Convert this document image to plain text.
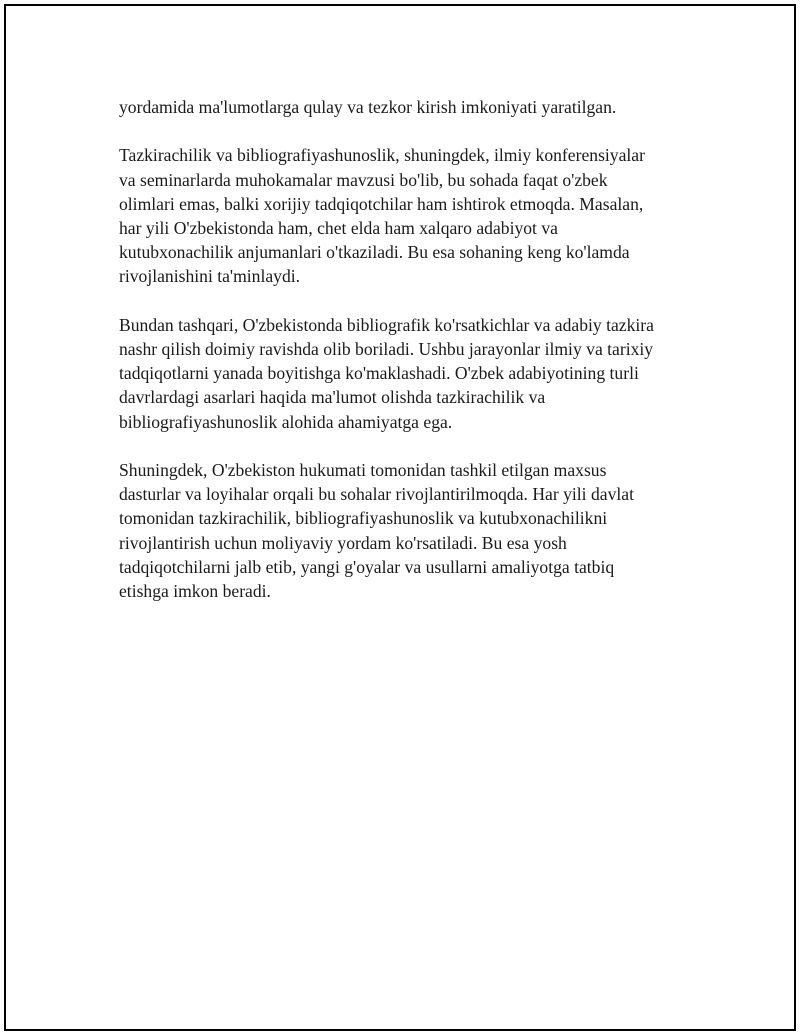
yordamida ma'lumotlarga qulay va tezkor kirish imkoniyati yaratilgan.

Tazkirachilik va bibliografiyashunoslik, shuningdek, ilmiy konferensiyalar
va seminarlarda muhokamalar mavzusi bo'lib, bu sohada faqat o'zbek
olimlari emas, balki xorijiy tadqiqotchilar ham ishtirok etmoqda. Masalan,
har yili O'zbekistonda ham, chet elda ham xalqaro adabiyot va
kutubxonachilik anjumanlari o'tkaziladi. Bu esa sohaning keng ko'lamda
rivojlanishini ta'minlaydi.

Bundan tashqari, O'zbekistonda bibliografik ko'rsatkichlar va adabiy tazkira
nashr qilish doimiy ravishda olib boriladi. Ushbu jarayonlar ilmiy va tarixiy
tadqiqotlarni yanada boyitishga ko'maklashadi. O'zbek adabiyotining turli
davrlardagi asarlari haqida ma'lumot olishda tazkirachilik va
bibliografiyashunoslik alohida ahamiyatga ega.

Shuningdek, O'zbekiston hukumati tomonidan tashkil etilgan maxsus
dasturlar va loyihalar orqali bu sohalar rivojlantirilmoqda. Har yili davlat
tomonidan tazkirachilik, bibliografiyashunoslik va kutubxonachilikni
rivojlantirish uchun moliyaviy yordam ko'rsatiladi. Bu esa yosh
tadqiqotchilarni jalb etib, yangi g'oyalar va usullarni amaliyotga tatbiq
etishga imkon beradi.
